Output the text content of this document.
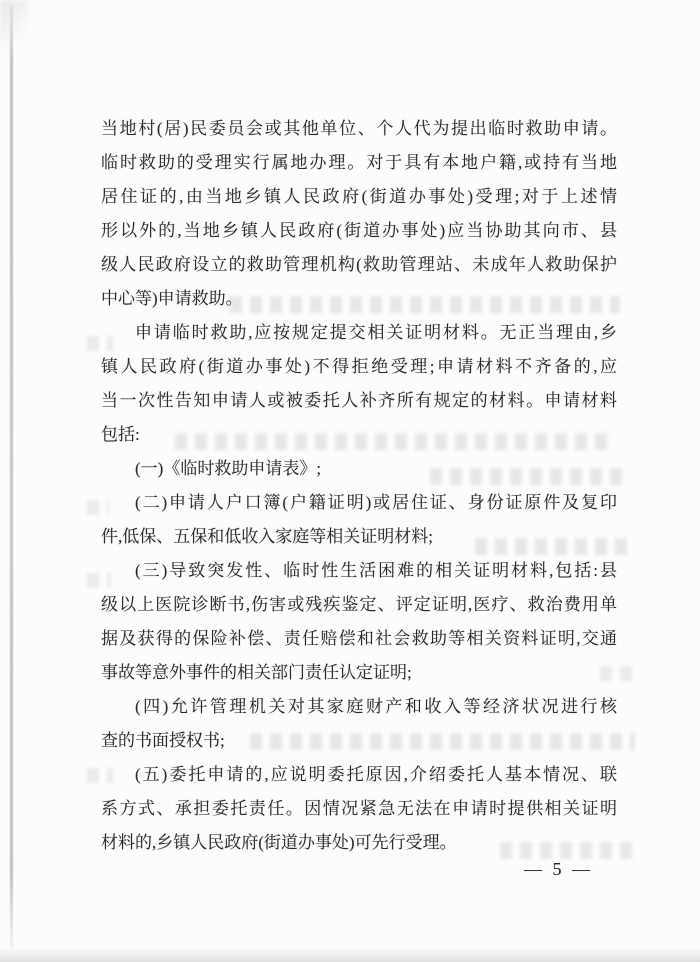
当地村(居)民委员会或其他单位、个人代为提出临时救助申请。
临时救助的受理实行属地办理。对于具有本地户籍,或持有当地
居住证的,由当地乡镇人民政府(街道办事处)受理;对于上述情
形以外的,当地乡镇人民政府(街道办事处)应当协助其向市、县
级人民政府设立的救助管理机构(救助管理站、未成年人救助保护
中心等)申请救助。
申请临时救助,应按规定提交相关证明材料。无正当理由,乡
镇人民政府(街道办事处)不得拒绝受理;申请材料不齐备的,应
当一次性告知申请人或被委托人补齐所有规定的材料。申请材料
包括:
(一)《临时救助申请表》;
(二)申请人户口簿(户籍证明)或居住证、身份证原件及复印
件,低保、五保和低收入家庭等相关证明材料;
(三)导致突发性、临时性生活困难的相关证明材料,包括:县
级以上医院诊断书,伤害或残疾鉴定、评定证明,医疗、救治费用单
据及获得的保险补偿、责任赔偿和社会救助等相关资料证明,交通
事故等意外事件的相关部门责任认定证明;
(四)允许管理机关对其家庭财产和收入等经济状况进行核
查的书面授权书;
(五)委托申请的,应说明委托原因,介绍委托人基本情况、联
系方式、承担委托责任。因情况紧急无法在申请时提供相关证明
材料的,乡镇人民政府(街道办事处)可先行受理。
— 5 —
